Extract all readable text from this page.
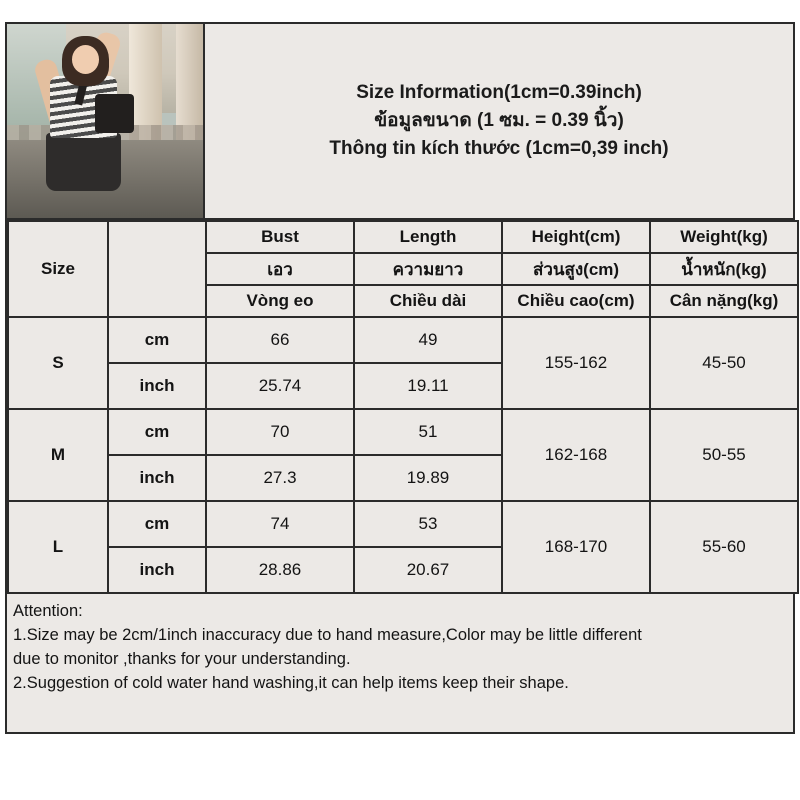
Size Information(1cm=0.39inch)
ข้อมูลขนาด (1 ซม. = 0.39 นิ้ว)
Thông tin kích thước (1cm=0,39 inch)
Size		Bust	Length	Height(cm)	Weight(kg)
		เอว	ความยาว	ส่วนสูง(cm)	น้ำหนัก(kg)
		Vòng eo	Chiều dài	Chiều cao(cm)	Cân nặng(kg)
S	cm	66	49	155-162	45-50
	inch	25.74	19.11		
M	cm	70	51	162-168	50-55
	inch	27.3	19.89		
L	cm	74	53	168-170	55-60
	inch	28.86	20.67		

Attention:

1.Size may be 2cm/1inch inaccuracy due to hand measure,Color may be little different

due to monitor ,thanks for your understanding.

2.Suggestion of cold water hand washing,it can help items keep their shape.
